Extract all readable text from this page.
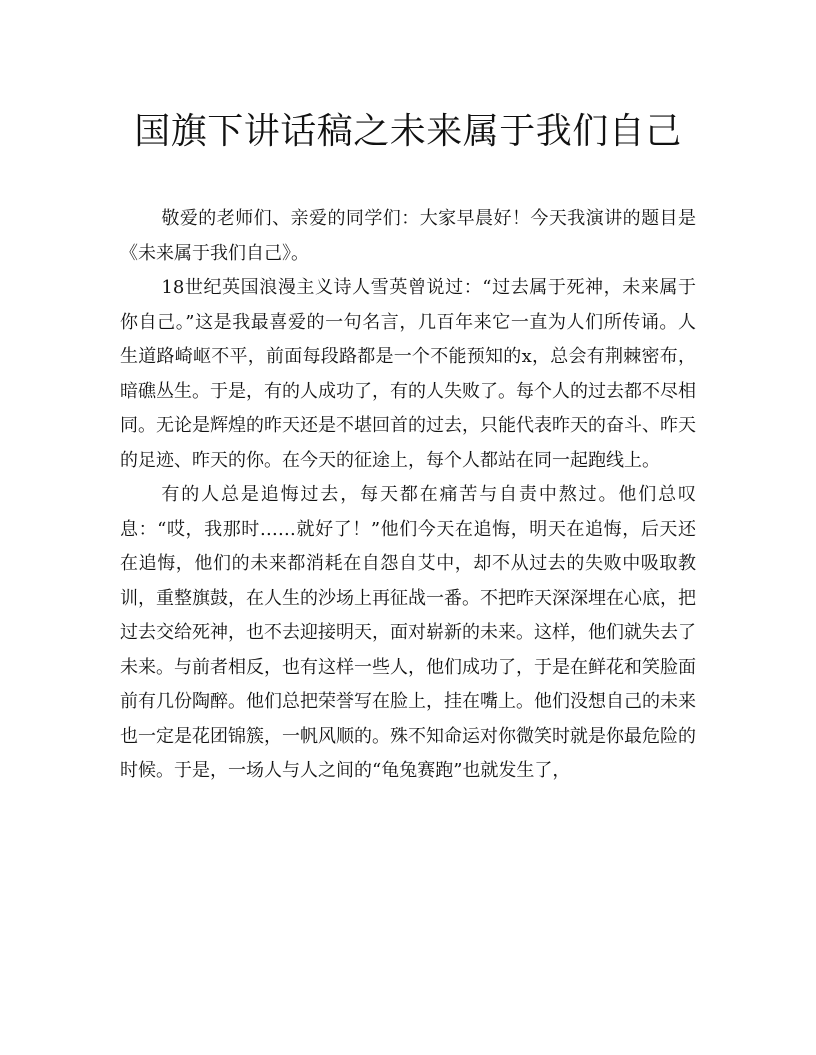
国旗下讲话稿之未来属于我们自己

敬爱的老师们、亲爱的同学们：大家早晨好！今天我演讲的题目是《未来属于我们自己》。

18世纪英国浪漫主义诗人雪英曾说过：“过去属于死神，未来属于你自己。”这是我最喜爱的一句名言，几百年来它一直为人们所传诵。人生道路崎岖不平，前面每段路都是一个不能预知的x，总会有荆棘密布，暗礁丛生。于是，有的人成功了，有的人失败了。每个人的过去都不尽相同。无论是辉煌的昨天还是不堪回首的过去，只能代表昨天的奋斗、昨天的足迹、昨天的你。在今天的征途上，每个人都站在同一起跑线上。

有的人总是追悔过去，每天都在痛苦与自责中熬过。他们总叹息：“哎，我那时……就好了！”他们今天在追悔，明天在追悔，后天还在追悔，他们的未来都消耗在自怨自艾中，却不从过去的失败中吸取教训，重整旗鼓，在人生的沙场上再征战一番。不把昨天深深埋在心底，把过去交给死神，也不去迎接明天，面对崭新的未来。这样，他们就失去了未来。与前者相反，也有这样一些人，他们成功了，于是在鲜花和笑脸面前有几份陶醉。他们总把荣誉写在脸上，挂在嘴上。他们没想自己的未来也一定是花团锦簇，一帆风顺的。殊不知命运对你微笑时就是你最危险的时候。于是，一场人与人之间的“龟兔赛跑”也就发生了，
